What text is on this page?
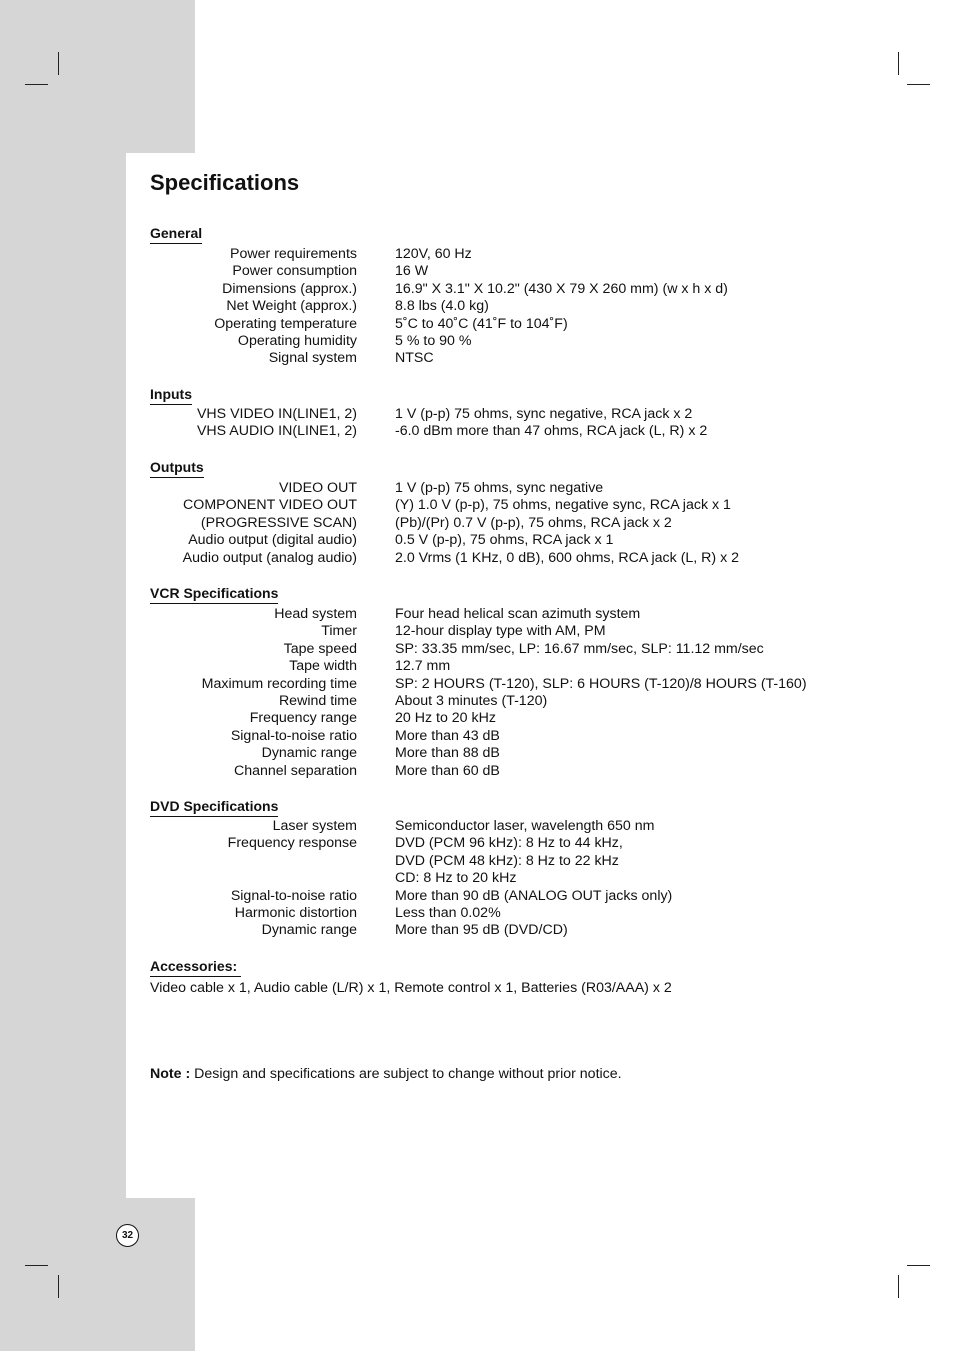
Specifications
General
Power requirements	120V, 60 Hz
Power consumption	16 W
Dimensions (approx.)	16.9" X 3.1" X 10.2" (430 X 79 X 260 mm) (w x h x d)
Net Weight (approx.)	8.8 lbs (4.0 kg)
Operating temperature	5˚C to 40˚C (41˚F to 104˚F)
Operating humidity	5 % to 90 %
Signal system	NTSC
Inputs
VHS VIDEO IN(LINE1, 2)	1 V (p-p) 75 ohms, sync negative, RCA jack x 2
VHS AUDIO IN(LINE1, 2)	-6.0 dBm more than 47 ohms, RCA jack (L, R) x 2
Outputs
VIDEO OUT	1 V (p-p) 75 ohms, sync negative
COMPONENT VIDEO OUT	(Y) 1.0 V (p-p), 75 ohms, negative sync, RCA jack x 1
(PROGRESSIVE SCAN)	(Pb)/(Pr) 0.7 V (p-p), 75 ohms, RCA jack x 2
Audio output (digital audio)	0.5 V (p-p), 75 ohms, RCA jack x 1
Audio output (analog audio)	2.0 Vrms (1 KHz, 0 dB), 600 ohms, RCA jack (L, R) x 2
VCR Specifications
Head system	Four head helical scan azimuth system
Timer	12-hour display type with AM, PM
Tape speed	SP: 33.35 mm/sec, LP: 16.67 mm/sec, SLP: 11.12 mm/sec
Tape width	12.7 mm
Maximum recording time	SP: 2 HOURS (T-120), SLP: 6 HOURS (T-120)/8 HOURS (T-160)
Rewind time	About 3 minutes (T-120)
Frequency range	20 Hz to 20 kHz
Signal-to-noise ratio	More than 43 dB
Dynamic range	More than 88 dB
Channel separation	More than 60 dB
DVD Specifications
Laser system	Semiconductor laser, wavelength 650 nm
Frequency response	DVD (PCM 96 kHz): 8 Hz to 44 kHz,
DVD (PCM 48 kHz): 8 Hz to 22 kHz
CD: 8 Hz to 20 kHz
Signal-to-noise ratio	More than 90 dB (ANALOG OUT jacks only)
Harmonic distortion	Less than 0.02%
Dynamic range	More than 95 dB (DVD/CD)
Accessories:
Video cable x 1, Audio cable (L/R) x 1, Remote control x 1, Batteries (R03/AAA) x 2
Note : Design and specifications are subject to change without prior notice.
32
